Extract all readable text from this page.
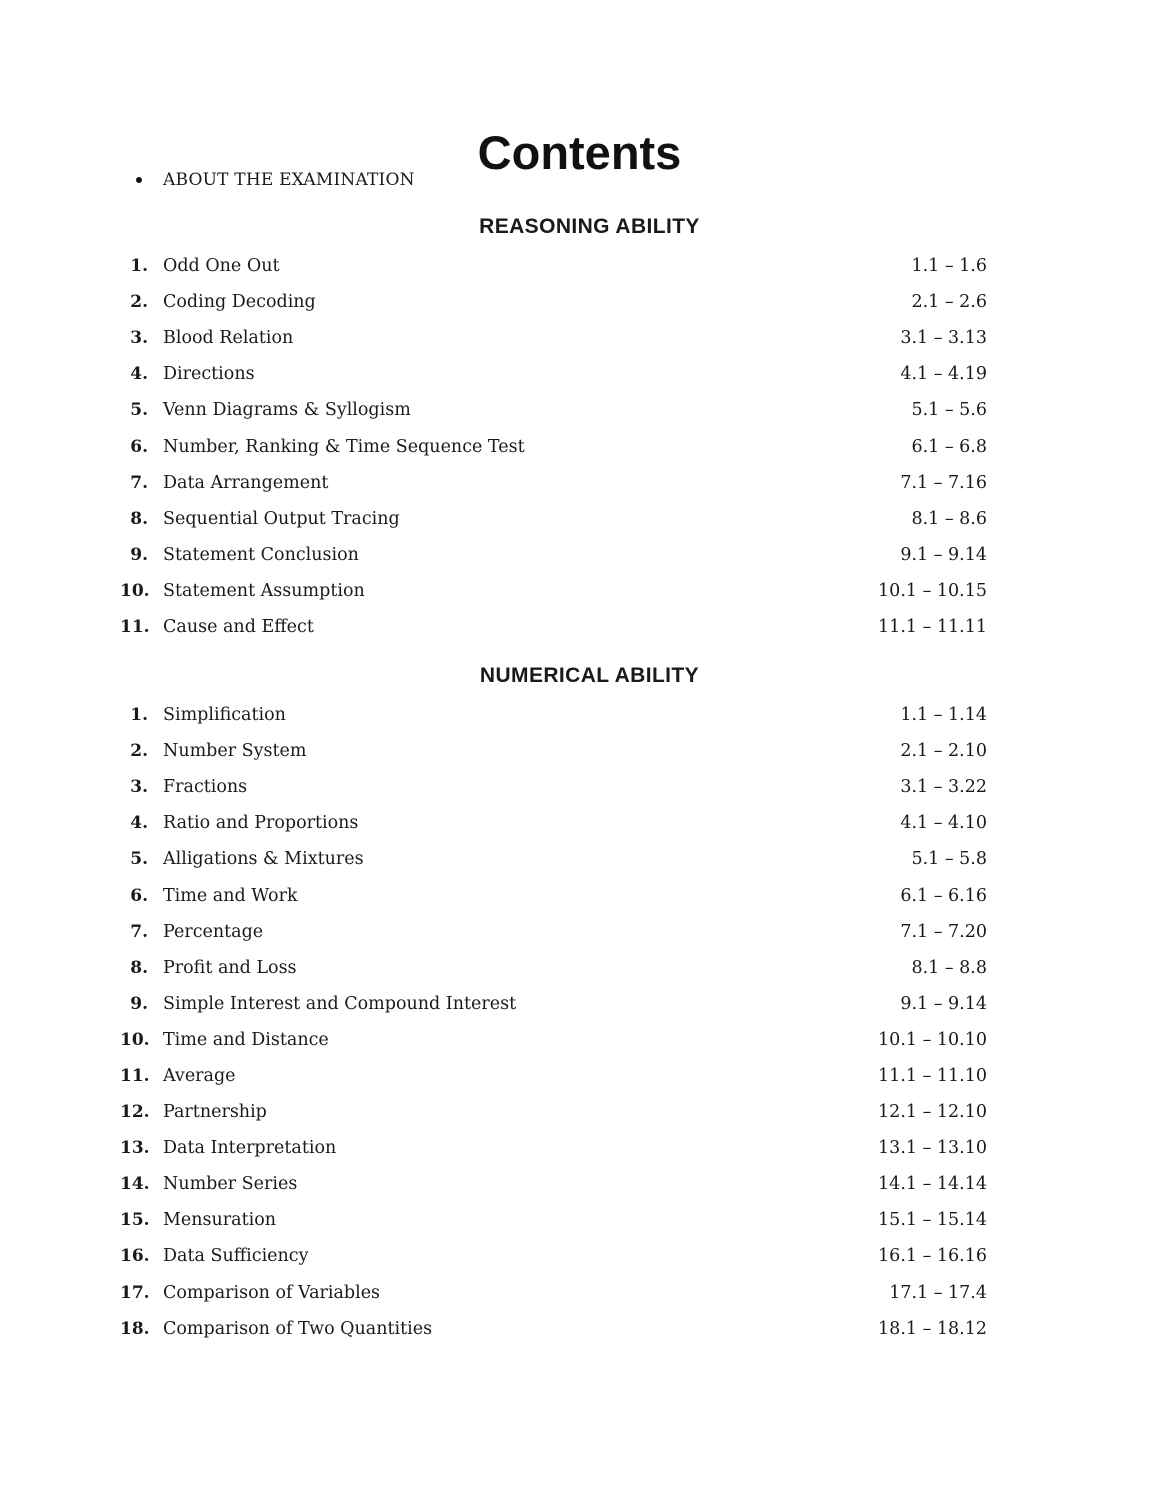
Contents
ABOUT THE EXAMINATION
REASONING ABILITY
1. Odd One Out	1.1 – 1.6
2. Coding Decoding	2.1 – 2.6
3. Blood Relation	3.1 – 3.13
4. Directions	4.1 – 4.19
5. Venn Diagrams & Syllogism	5.1 – 5.6
6. Number, Ranking & Time Sequence Test	6.1 – 6.8
7. Data Arrangement	7.1 – 7.16
8. Sequential Output Tracing	8.1 – 8.6
9. Statement Conclusion	9.1 – 9.14
10. Statement Assumption	10.1 – 10.15
11. Cause and Effect	11.1 – 11.11
NUMERICAL ABILITY
1. Simplification	1.1 – 1.14
2. Number System	2.1 – 2.10
3. Fractions	3.1 – 3.22
4. Ratio and Proportions	4.1 – 4.10
5. Alligations & Mixtures	5.1 – 5.8
6. Time and Work	6.1 – 6.16
7. Percentage	7.1 – 7.20
8. Profit and Loss	8.1 – 8.8
9. Simple Interest and Compound Interest	9.1 – 9.14
10. Time and Distance	10.1 – 10.10
11. Average	11.1 – 11.10
12. Partnership	12.1 – 12.10
13. Data Interpretation	13.1 – 13.10
14. Number Series	14.1 – 14.14
15. Mensuration	15.1 – 15.14
16. Data Sufficiency	16.1 – 16.16
17. Comparison of Variables	17.1 – 17.4
18. Comparison of Two Quantities	18.1 – 18.12
